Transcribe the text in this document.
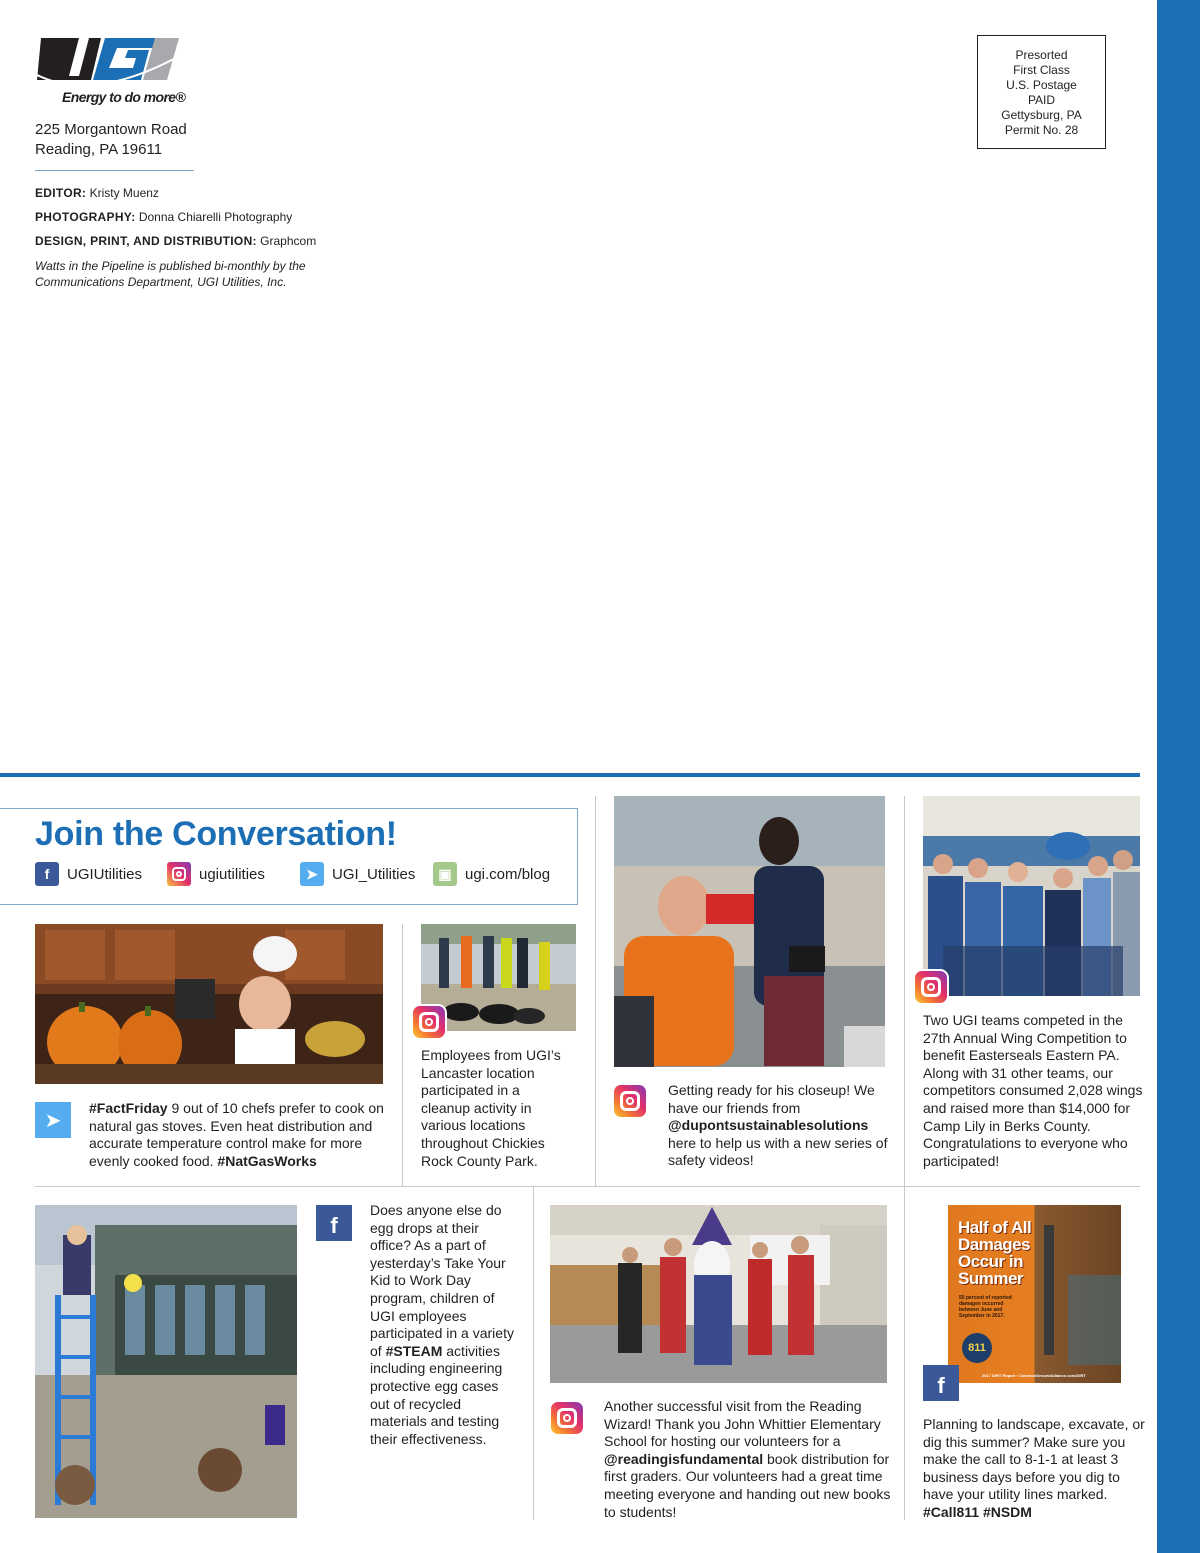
Energy to do more®
225 Morgantown Road
Reading, PA 19611
EDITOR: Kristy Muenz
PHOTOGRAPHY: Donna Chiarelli Photography
DESIGN, PRINT, AND DISTRIBUTION: Graphcom
Watts in the Pipeline is published bi-monthly by the Communications Department, UGI Utilities, Inc.
Presorted
First Class
U.S. Postage
PAID
Gettysburg, PA
Permit No. 28
Join the Conversation!
f	UGIUtilities	ugiutilities	➤ UGI_Utilities	▣ ugi.com/blog
➤
#FactFriday 9 out of 10 chefs prefer to cook on natural gas stoves. Even heat distribution and accurate temperature control make for more evenly cooked food. #NatGasWorks
Employees from UGI’s Lancaster location participated in a cleanup activity in various locations throughout Chickies Rock County Park.
Getting ready for his closeup! We have our friends from @dupontsustainablesolutions here to help us with a new series of safety videos!
Two UGI teams competed in the 27th Annual Wing Competition to benefit Easterseals Eastern PA. Along with 31 other teams, our competitors consumed 2,028 wings and raised more than $14,000 for Camp Lily in Berks County. Congratulations to everyone who participated!
f
Does anyone else do egg drops at their office? As a part of yesterday’s Take Your Kid to Work Day program, children of UGI employees participated in a variety of #STEAM activities including engineering protective egg cases out of recycled materials and testing their effectiveness.
Another successful visit from the Reading Wizard! Thank you John Whittier Elementary School for hosting our volunteers for a @readingisfundamental book distribution for first graders. Our volunteers had a great time meeting everyone and handing out new books to students!
Half of All
Damages
Occur in
Summer
50 percent of reported damages occurred between June and September in 2017.
811
2017 DIRT Report • CommonGroundAlliance.com/DIRT
f
Planning to landscape, excavate, or dig this summer? Make sure you make the call to 8-1-1 at least 3 business days before you dig to have your utility lines marked. #Call811 #NSDM
